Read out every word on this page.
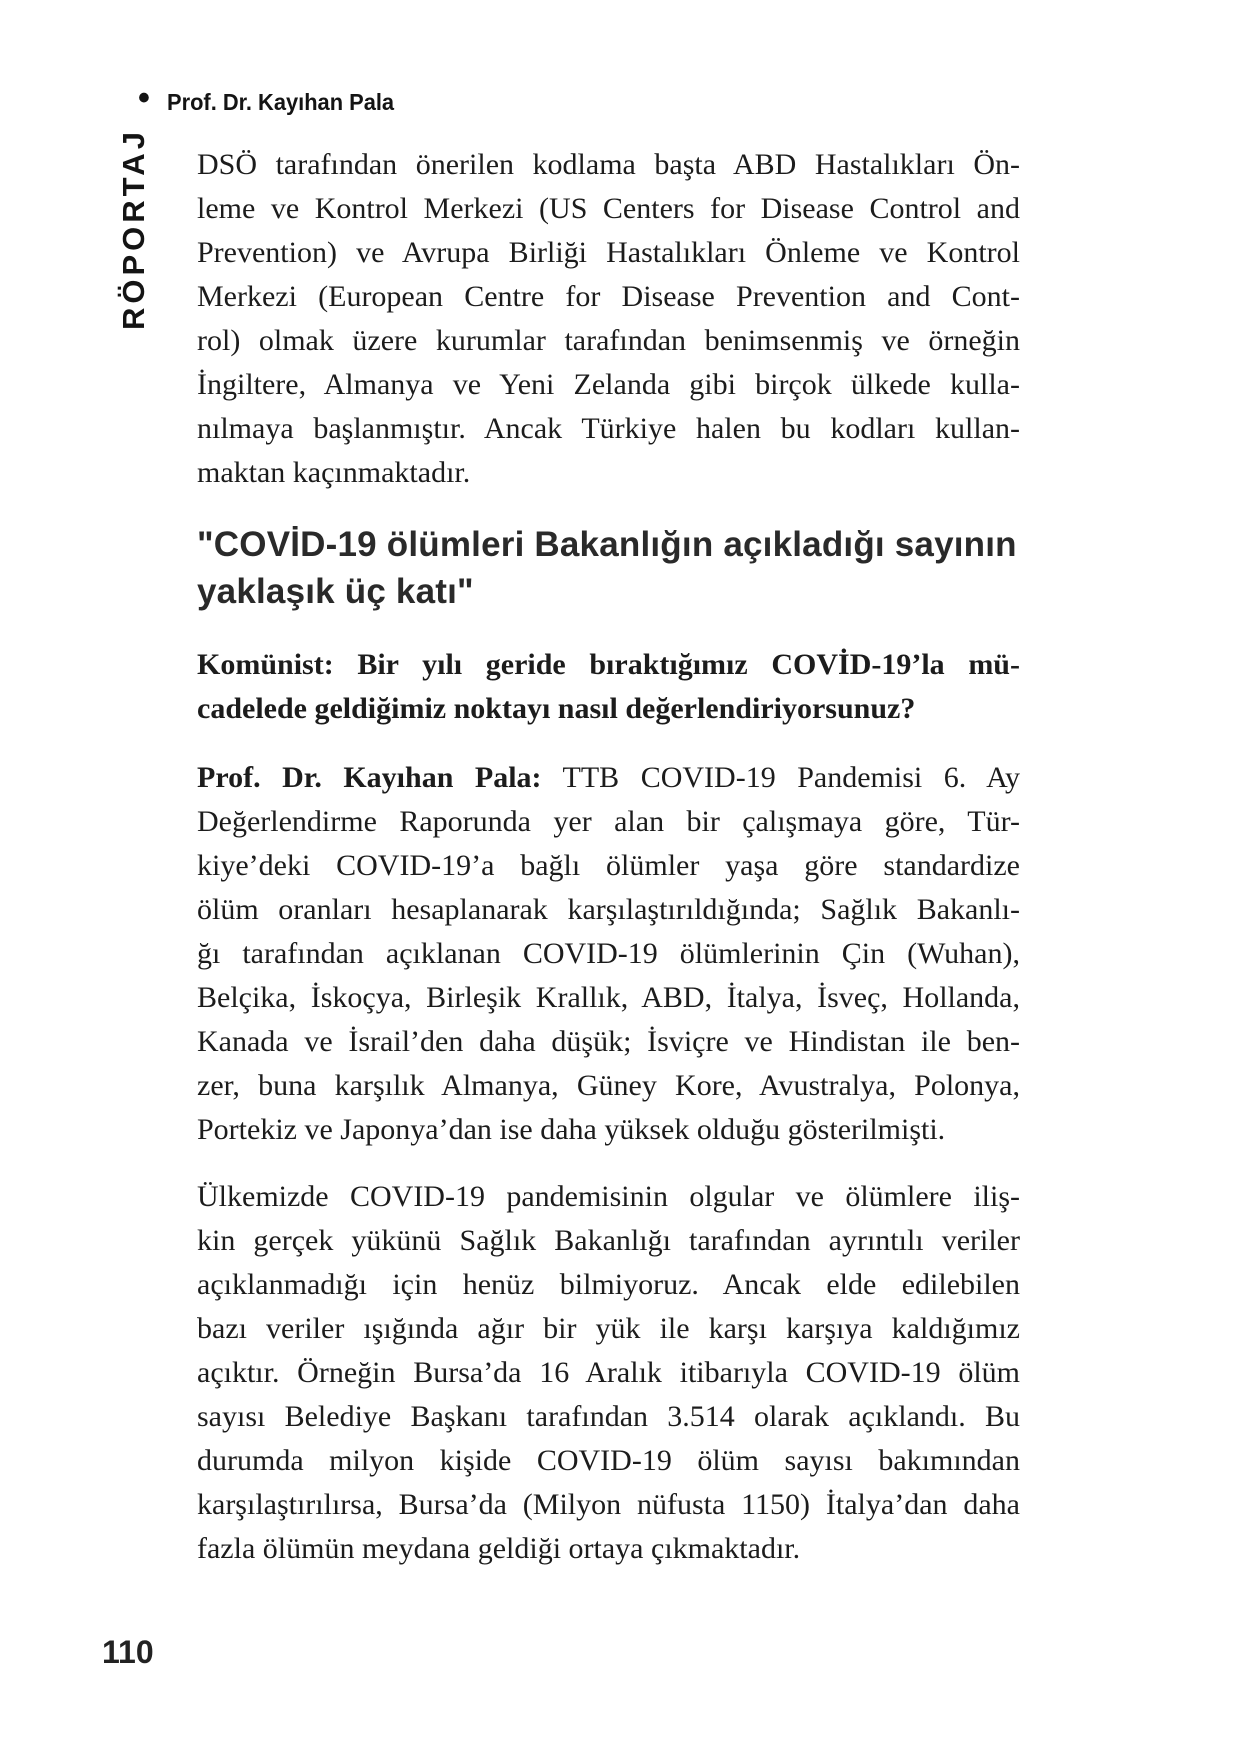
• Prof. Dr. Kayıhan Pala
RÖPORTAJ DSÖ tarafından önerilen kodlama başta ABD Hastalıkları Ön-
leme ve Kontrol Merkezi (US Centers for Disease Control and
Prevention) ve Avrupa Birliği Hastalıkları Önleme ve Kontrol
Merkezi (European Centre for Disease Prevention and Cont-
rol) olmak üzere kurumlar tarafından benimsenmiş ve örneğin
İngiltere, Almanya ve Yeni Zelanda gibi birçok ülkede kulla-
nılmaya başlanmıştır. Ancak Türkiye halen bu kodları kullan-
maktan kaçınmaktadır.
"COVİD-19 ölümleri Bakanlığın açıkladığı sayının
yaklaşık üç katı"
Komünist: Bir yılı geride bıraktığımız COVİD-19’la mü-
cadelede geldiğimiz noktayı nasıl değerlendiriyorsunuz?
Prof. Dr. Kayıhan Pala: TTB COVID-19 Pandemisi 6. Ay
Değerlendirme Raporunda yer alan bir çalışmaya göre, Tür-
kiye’deki COVID-19’a bağlı ölümler yaşa göre standardize
ölüm oranları hesaplanarak karşılaştırıldığında; Sağlık Bakanlı-
ğı tarafından açıklanan COVID-19 ölümlerinin Çin (Wuhan),
Belçika, İskoçya, Birleşik Krallık, ABD, İtalya, İsveç, Hollanda,
Kanada ve İsrail’den daha düşük; İsviçre ve Hindistan ile ben-
zer, buna karşılık Almanya, Güney Kore, Avustralya, Polonya,
Portekiz ve Japonya’dan ise daha yüksek olduğu gösterilmişti.
Ülkemizde COVID-19 pandemisinin olgular ve ölümlere iliş-
kin gerçek yükünü Sağlık Bakanlığı tarafından ayrıntılı veriler
açıklanmadığı için henüz bilmiyoruz. Ancak elde edilebilen
bazı veriler ışığında ağır bir yük ile karşı karşıya kaldığımız
açıktır. Örneğin Bursa’da 16 Aralık itibarıyla COVID-19 ölüm
sayısı Belediye Başkanı tarafından 3.514 olarak açıklandı. Bu
durumda milyon kişide COVID-19 ölüm sayısı bakımından
karşılaştırılırsa, Bursa’da (Milyon nüfusta 1150) İtalya’dan daha
fazla ölümün meydana geldiği ortaya çıkmaktadır.
110
